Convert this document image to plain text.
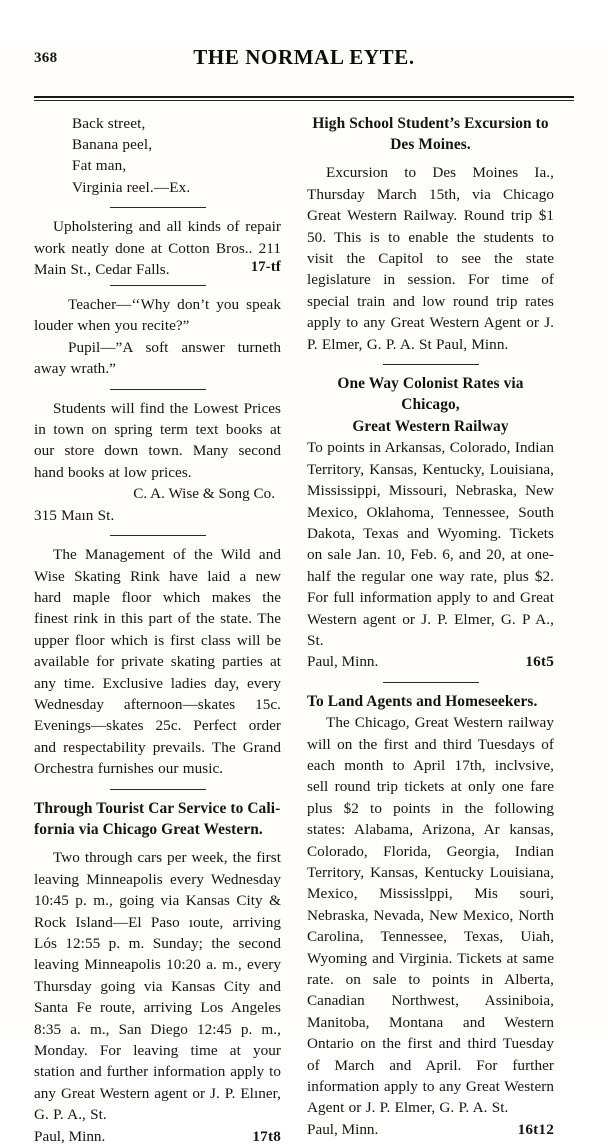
368	THE NORMAL EYTE.
Back street,
Banana peel,
Fat man,
Virginia reel.—Ex.

Upholstering and all kinds of repair work neatly done at Cotton Bros.. 211 Main St., Cedar Falls.	17-tf

Teacher—‘‘Why don’t you speak louder when you recite?”

Pupil—”A soft answer turneth away wrath.”

Students will find the Lowest Prices in town on spring term text books at our store down town. Many second hand books at low prices.

C. A. Wise & Song Co.

315 Maın St.

The Management of the Wild and Wise Skating Rink have laid a new hard maple floor which makes the finest rink in this part of the state. The upper floor which is first class will be available for private skating parties at any time. Exclusive ladies day, every Wednesday afternoon—skates 15c. Evenings—skates 25c. Perfect order and respectability prevails. The Grand Orchestra furnishes our music.

Through Tourist Car Service to Cali-
fornia via Chicago Great Western.

Two through cars per week, the first leaving Minneapolis every Wednesday 10:45 p. m., going via Kansas City & Rock Island—El Paso ıoute, arriving Lós 12:55 p. m. Sunday; the second leaving Minneapolis 10:20 a. m., every Thursday going via Kansas City and Santa Fe route, arriving Los Angeles 8:35 a. m., San Diego 12:45 p. m., Monday. For leaving time at your station and further information apply to any Great Western agent or J. P. Elıner, G. P. A., St.

Paul, Minn.	17t8
High School Student’s Excursion to
Des Moines.

Excursion to Des Moines Ia., Thursday March 15th, via Chicago Great Western Railway. Round trip $1 50. This is to enable the students to visit the Capitol to see the state legislature in session. For time of special train and low round trip rates apply to any Great Western Agent or J. P. Elmer, G. P. A. St Paul, Minn.

One Way Colonist Rates via Chicago,
Great Western Railway

To points in Arkansas, Colorado, Indian Territory, Kansas, Kentucky, Louisiana, Mississippi, Missouri, Nebraska, New Mexico, Oklahoma, Tennessee, South Dakota, Texas and Wyoming. Tickets on sale Jan. 10, Feb. 6, and 20, at one-half the regular one way rate, plus $2. For full information apply to and Great Western agent or J. P. Elmer, G. P A., St.

Paul, Minn.	16t5
To Land Agents and Homeseekers.

The Chicago, Great Western railway will on the first and third Tuesdays of each month to April 17th, inclvsive, sell round trip tickets at only one fare plus $2 to points in the following states: Alabama, Arizona, Ar kansas, Colorado, Florida, Georgia, Indian Territory, Kansas, Kentucky Louisiana, Mexico, Mississlppi, Mis souri, Nebraska, Nevada, New Mexico, North Carolina, Tennessee, Texas, Uiah, Wyoming and Virginia. Tickets at same rate. on sale to points in Alberta, Canadian Northwest, Assiniboia, Manitoba, Montana and Western Ontario on the first and third Tuesday of March and April. For further information apply to any Great Western Agent or J. P. Elmer, G. P. A. St.

Paul, Minn.	16t12
